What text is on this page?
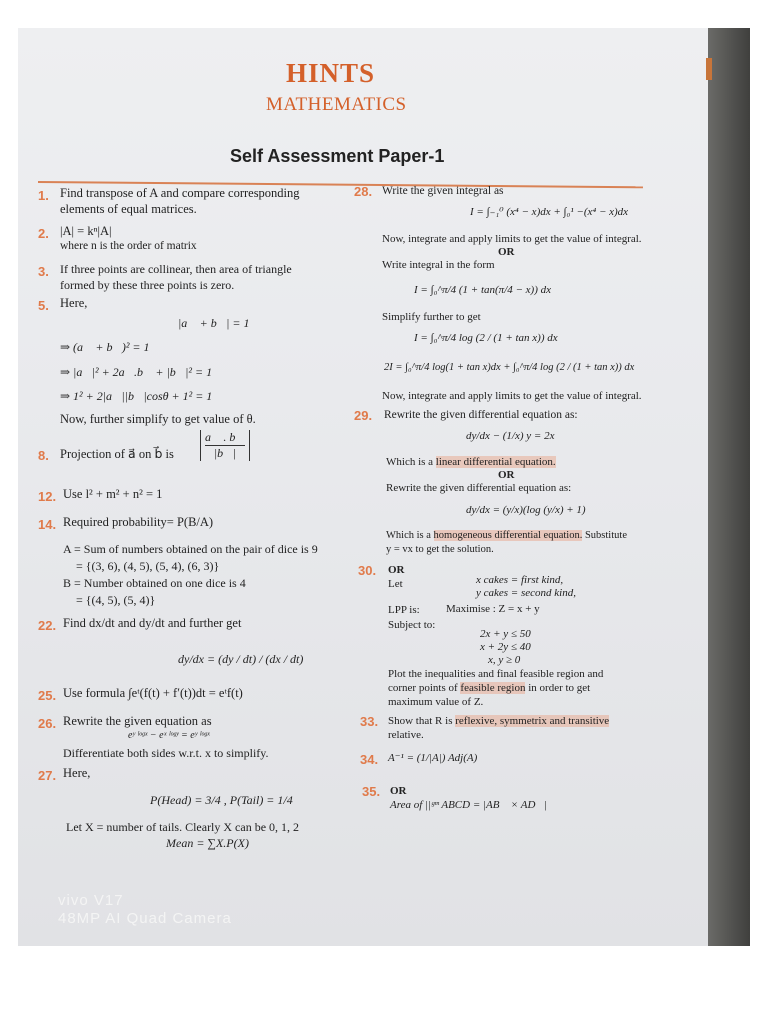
HINTS
MATHEMATICS
Self Assessment Paper-1
1. Find transpose of A and compare corresponding
elements of equal matrices.
2. |A| = kⁿ|A|
where n is the order of matrix
3. If three points are collinear, then area of triangle
formed by these three points is zero.
5. Here,
|a⃗ + b⃗| = 1
⇒ (a⃗ + b⃗)² = 1
⇒ |a⃗|² + 2a⃗.b⃗ + |b⃗|² = 1
⇒ 1² + 2|a⃗||b⃗|cosθ + 1² = 1
Now, further simplify to get value of θ.
8. Projection of a⃗ on b⃗ is $\frac{a⃗ . b⃗}{|b⃗|}$
12. Use l² + m² + n² = 1
14. Required probability= P(B/A)
A = Sum of numbers obtained on the pair of dice is 9
= {(3, 6), (4, 5), (5, 4), (6, 3)}
B = Number obtained on one dice is 4
= {(4, 5), (5, 4)}
22. Find dx/dt and dy/dt and further get
dy/dx = (dy / dt) / (dx / dt)
25. Use formula ∫eᵗ(f(t) + f′(t))dt = eᵗf(t)
26. Rewrite the given equation as
eʸ ˡᵒᵍˣ − eˣ ˡᵒᵍʸ = eʸ ˡᵒᵍˣ
Differentiate both sides w.r.t. x to simplify.
27. Here,
P(Head) = 3/4 , P(Tail) = 1/4
Let X = number of tails. Clearly X can be 0, 1, 2
Mean = ∑X.P(X)
28. Write the given integral as
I = ∫₋₁⁰ (x⁴ − x)dx + ∫₀¹ −(x⁴ − x)dx
Now, integrate and apply limits to get the value of integral.
OR
Write integral in the form
I = ∫₀^π/4 (1 + tan(π/4 − x)) dx
Simplify further to get
I = ∫₀^π/4 log (2 / (1 + tan x)) dx
2I = ∫₀^π/4 log(1 + tan x)dx + ∫₀^π/4 log (2 / (1 + tan x)) dx
Now, integrate and apply limits to get the value of integral.
29. Rewrite the given differential equation as:
dy/dx − (1/x) y = 2x
Which is a linear differential equation.
OR
Rewrite the given differential equation as:
dy/dx = (y/x)(log (y/x) + 1)
Which is a homogeneous differential equation. Substitute
y = vx to get the solution.
30. OR
Let	x cakes = first kind,
y cakes = second kind,
LPP is: Maximise : Z = x + y
Subject to:
2x + y ≤ 50
x + 2y ≤ 40
x, y ≥ 0
Plot the inequalities and final feasible region and
corner points of feasible region in order to get
maximum value of Z.
33. Show that R is reflexive, symmetrix and transitive
relative.
34. A⁻¹ = (1/|A|) Adj(A)
35. OR
Area of ||ᵍᵐ ABCD = |AB⃗ × AD⃗|
vivo V17
48MP AI Quad Camera
